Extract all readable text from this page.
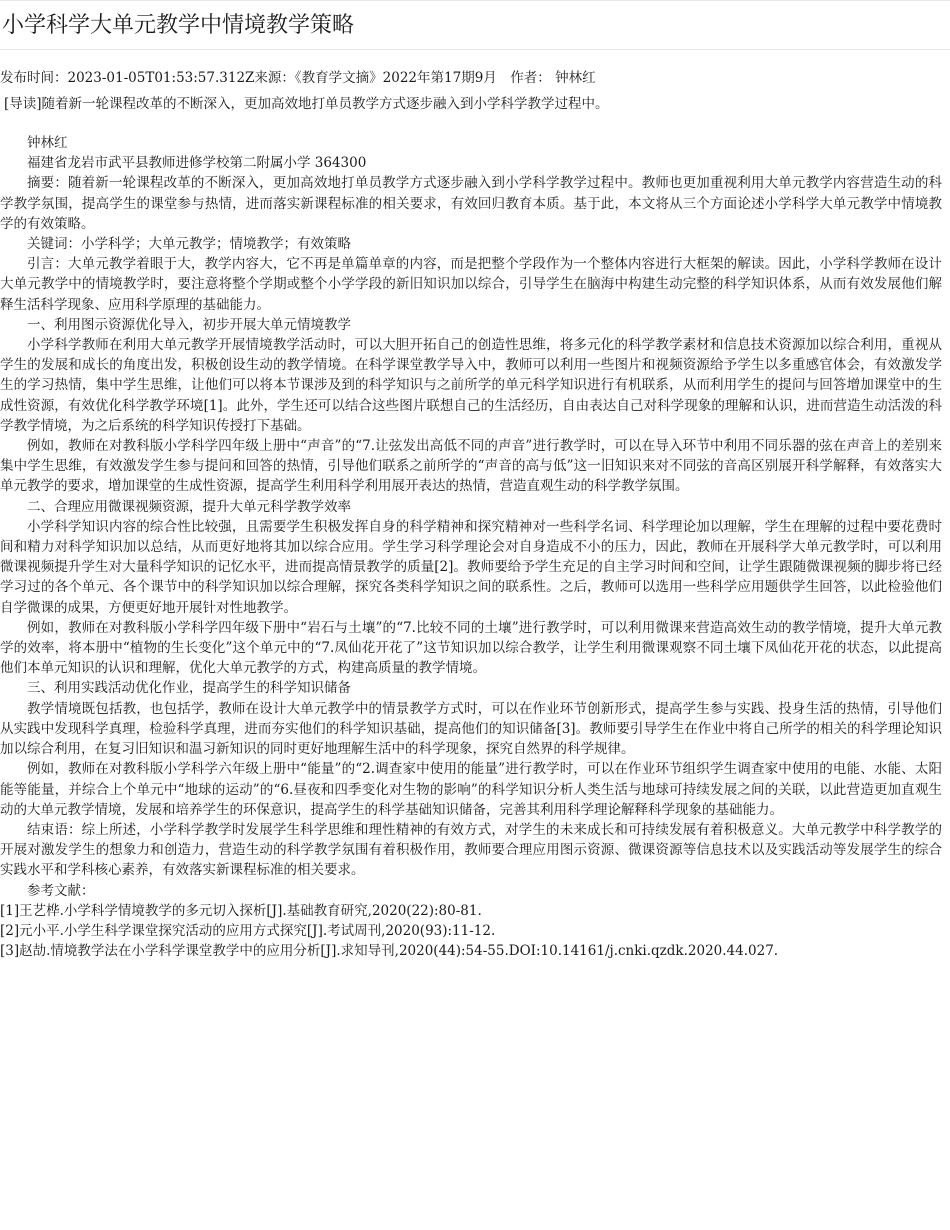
小学科学大单元教学中情境教学策略
发布时间：2023-01-05T01:53:57.312Z来源：《教育学文摘》2022年第17期9月　作者： 钟林红
[导读]随着新一轮课程改革的不断深入，更加高效地打单员教学方式逐步融入到小学科学教学过程中。

钟林红

福建省龙岩市武平县教师进修学校第二附属小学 364300

摘要：随着新一轮课程改革的不断深入，更加高效地打单员教学方式逐步融入到小学科学教学过程中。教师也更加重视利用大单元教学内容营造生动的科学教学氛围，提高学生的课堂参与热情，进而落实新课程标准的相关要求，有效回归教育本质。基于此，本文将从三个方面论述小学科学大单元教学中情境教学的有效策略。

关键词：小学科学；大单元教学；情境教学；有效策略

引言：大单元教学着眼于大，教学内容大，它不再是单篇单章的内容，而是把整个学段作为一个整体内容进行大框架的解读。因此，小学科学教师在设计大单元教学中的情境教学时，要注意将整个学期或整个小学学段的新旧知识加以综合，引导学生在脑海中构建生动完整的科学知识体系，从而有效发展他们解释生活科学现象、应用科学原理的基础能力。

一、利用图示资源优化导入，初步开展大单元情境教学

小学科学教师在利用大单元教学开展情境教学活动时，可以大胆开拓自己的创造性思维，将多元化的科学教学素材和信息技术资源加以综合利用，重视从学生的发展和成长的角度出发，积极创设生动的教学情境。在科学课堂教学导入中，教师可以利用一些图片和视频资源给予学生以多重感官体会，有效激发学生的学习热情，集中学生思维，让他们可以将本节课涉及到的科学知识与之前所学的单元科学知识进行有机联系，从而利用学生的提问与回答增加课堂中的生成性资源，有效优化科学教学环境[1]。此外，学生还可以结合这些图片联想自己的生活经历，自由表达自己对科学现象的理解和认识，进而营造生动活泼的科学教学情境，为之后系统的科学知识传授打下基础。

例如，教师在对教科版小学科学四年级上册中“声音”的“7.让弦发出高低不同的声音”进行教学时，可以在导入环节中利用不同乐器的弦在声音上的差别来集中学生思维，有效激发学生参与提问和回答的热情，引导他们联系之前所学的“声音的高与低”这一旧知识来对不同弦的音高区别展开科学解释，有效落实大单元教学的要求，增加课堂的生成性资源，提高学生利用科学利用展开表达的热情，营造直观生动的科学教学氛围。

二、合理应用微课视频资源，提升大单元科学教学效率

小学科学知识内容的综合性比较强，且需要学生积极发挥自身的科学精神和探究精神对一些科学名词、科学理论加以理解，学生在理解的过程中要花费时间和精力对科学知识加以总结，从而更好地将其加以综合应用。学生学习科学理论会对自身造成不小的压力，因此，教师在开展科学大单元教学时，可以利用微课视频提升学生对大量科学知识的记忆水平，进而提高情景教学的质量[2]。教师要给予学生充足的自主学习时间和空间，让学生跟随微课视频的脚步将已经学习过的各个单元、各个课节中的科学知识加以综合理解，探究各类科学知识之间的联系性。之后，教师可以选用一些科学应用题供学生回答，以此检验他们自学微课的成果，方便更好地开展针对性地教学。

例如，教师在对教科版小学科学四年级下册中“岩石与土壤”的“7.比较不同的土壤”进行教学时，可以利用微课来营造高效生动的教学情境，提升大单元教学的效率，将本册中“植物的生长变化”这个单元中的“7.凤仙花开花了”这节知识加以综合教学，让学生利用微课观察不同土壤下凤仙花开花的状态，以此提高他们本单元知识的认识和理解，优化大单元教学的方式，构建高质量的教学情境。

三、利用实践活动优化作业，提高学生的科学知识储备

教学情境既包括教，也包括学，教师在设计大单元教学中的情景教学方式时，可以在作业环节创新形式，提高学生参与实践、投身生活的热情，引导他们从实践中发现科学真理，检验科学真理，进而夯实他们的科学知识基础，提高他们的知识储备[3]。教师要引导学生在作业中将自己所学的相关的科学理论知识加以综合利用，在复习旧知识和温习新知识的同时更好地理解生活中的科学现象，探究自然界的科学规律。

例如，教师在对教科版小学科学六年级上册中“能量”的“2.调查家中使用的能量”进行教学时，可以在作业环节组织学生调查家中使用的电能、水能、太阳能等能量，并综合上个单元中“地球的运动”的“6.昼夜和四季变化对生物的影响”的科学知识分析人类生活与地球可持续发展之间的关联，以此营造更加直观生动的大单元教学情境，发展和培养学生的环保意识，提高学生的科学基础知识储备，完善其利用科学理论解释科学现象的基础能力。

结束语：综上所述，小学科学教学时发展学生科学思维和理性精神的有效方式，对学生的未来成长和可持续发展有着积极意义。大单元教学中科学教学的开展对激发学生的想象力和创造力，营造生动的科学教学氛围有着积极作用，教师要合理应用图示资源、微课资源等信息技术以及实践活动等发展学生的综合实践水平和学科核心素养，有效落实新课程标准的相关要求。

参考文献：

[1]王艺桦.小学科学情境教学的多元切入探析[J].基础教育研究,2020(22):80-81.

[2]元小平.小学生科学课堂探究活动的应用方式探究[J].考试周刊,2020(93):11-12.

[3]赵劼.情境教学法在小学科学课堂教学中的应用分析[J].求知导刊,2020(44):54-55.DOI:10.14161/j.cnki.qzdk.2020.44.027.
